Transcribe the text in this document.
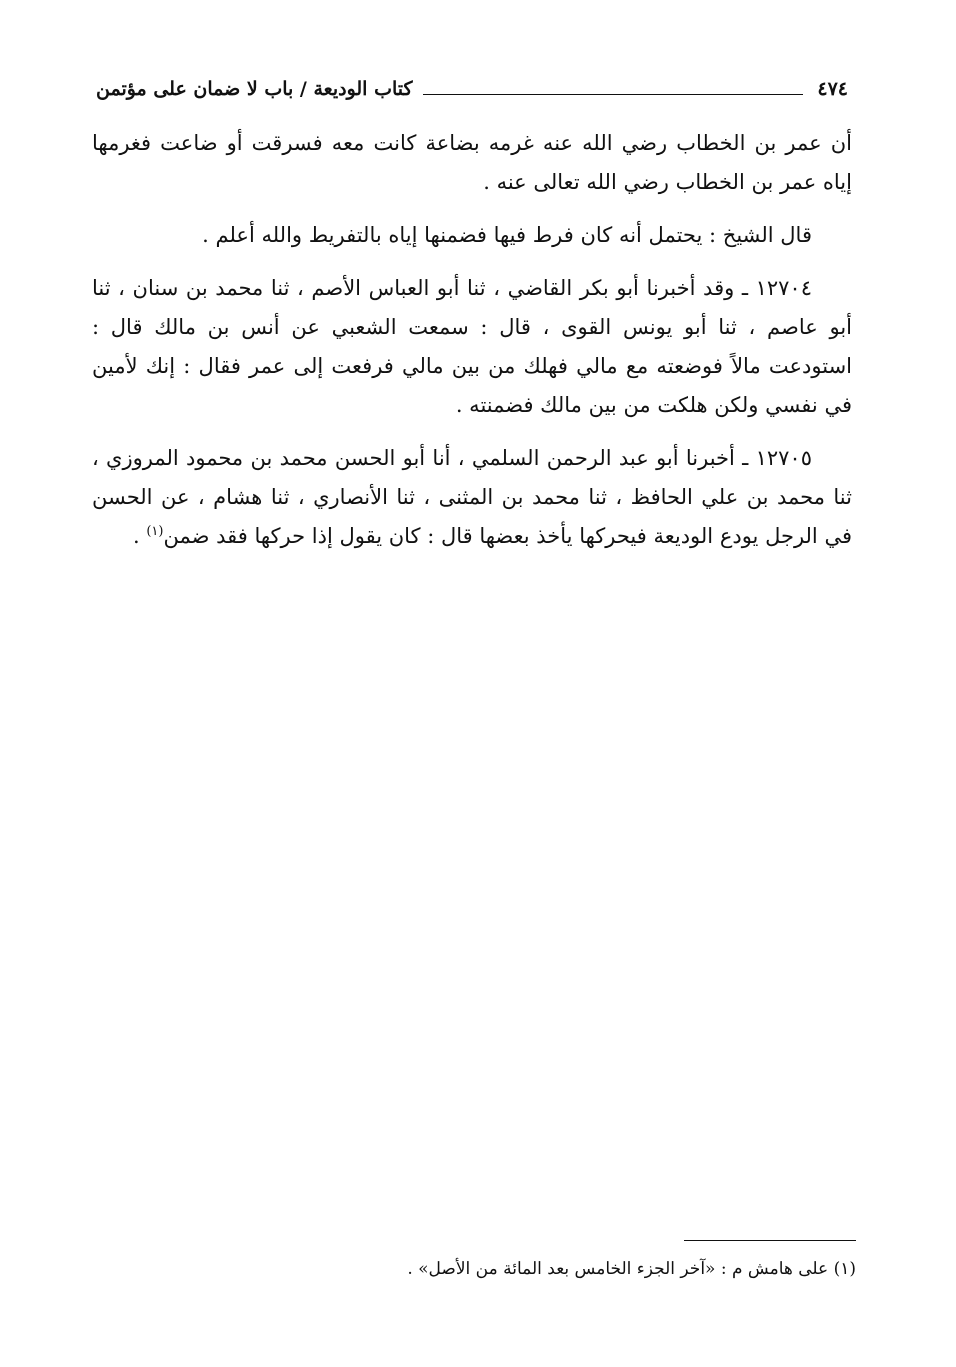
٤٧٤
كتاب الوديعة / باب لا ضمان على مؤتمن

أن عمر بن الخطاب رضي الله عنه غرمه بضاعة كانت معه فسرقت أو ضاعت فغرمها إياه عمر بن الخطاب رضي الله تعالى عنه .

قال الشيخ : يحتمل أنه كان فرط فيها فضمنها إياه بالتفريط والله أعلم .

١٢٧٠٤ ـ وقد أخبرنا أبو بكر القاضي ، ثنا أبو العباس الأصم ، ثنا محمد بن سنان ، ثنا أبو عاصم ، ثنا أبو يونس القوى ، قال : سمعت الشعبي عن أنس بن مالك قال : استودعت مالاً فوضعته مع مالي فهلك من بين مالي فرفعت إلى عمر فقال : إنك لأمين في نفسي ولكن هلكت من بين مالك فضمنته .

١٢٧٠٥ ـ أخبرنا أبو عبد الرحمن السلمي ، أنا أبو الحسن محمد بن محمود المروزي ، ثنا محمد بن علي الحافظ ، ثنا محمد بن المثنى ، ثنا الأنصاري ، ثنا هشام ، عن الحسن في الرجل يودع الوديعة فيحركها يأخذ بعضها قال : كان يقول إذا حركها فقد ضمن$^{(١)}$ .

(١) على هامش م : «آخر الجزء الخامس بعد المائة من الأصل» .
